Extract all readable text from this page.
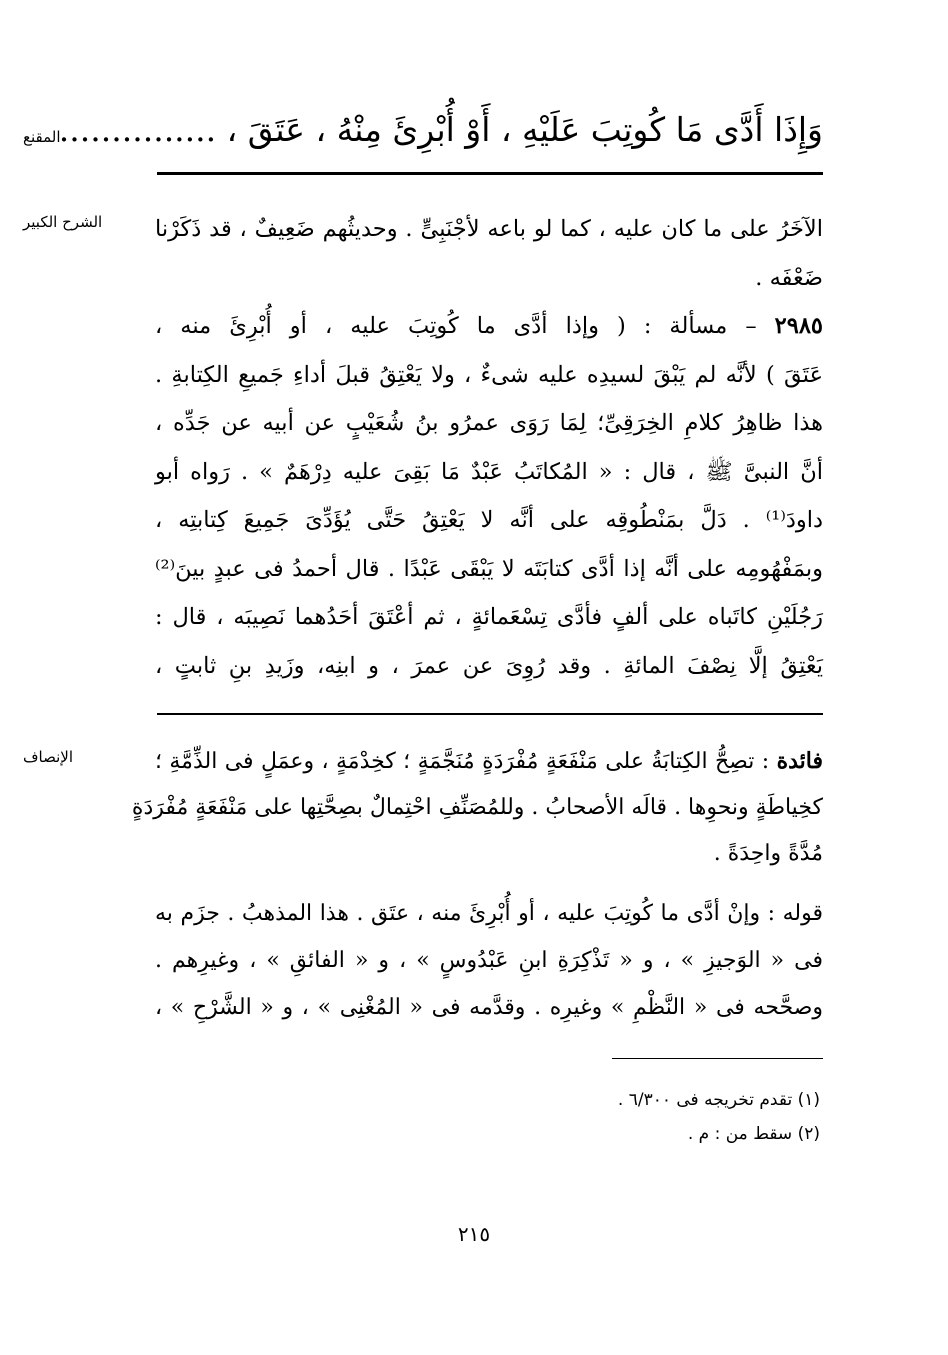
المقنع	وَإِذَا أَدَّى مَا كُوتِبَ عَلَيْهِ ، أَوْ أُبْرِئَ مِنْهُ ، عَتَقَ ، ...............
الشرح الكبير	الآخَرُ على ما كان عليه ، كما لو باعه لأجْنَبِىٍّ . وحديثُهم ضَعِيفٌ ، قد ذَكَرْنا
ضَعْفَه .
٢٩٨٥ – مسألة : ( وإذا أدَّى ما كُوتِبَ عليه ، أو أُبْرِئَ منه ،
عَتَقَ ) لأنَّه لم يَبْقَ لسيدِه عليه شىءٌ ، ولا يَعْتِقُ قبلَ أداءِ جَميعِ الكِتابةِ .
هذا ظاهِرُ كلامِ الخِرَقِىِّ؛ لِمَا رَوَى عمرُو بنُ شُعَيْبٍ عن أبيه عن جَدِّه ،
أنَّ النبىَّ ﷺ ، قال : « المُكاتَبُ عَبْدٌ مَا بَقِىَ عليه دِرْهَمٌ » . رَواه أبو
داودَ⁽¹⁾ . دَلَّ بمَنْطُوقِه على أنَّه لا يَعْتِقُ حَتَّى يُؤَدِّىَ جَمِيعَ كِتابتِه ،
وبمَفْهُومِه على أنَّه إذا أدَّى كتابَتَه لا يَبْقَى عَبْدًا . قال أحمدُ فى عبدٍ بينَ⁽²⁾
رَجُلَيْنِ كاتَباه على ألفٍ فأدَّى تِسْعَمائةٍ ، ثم أعْتَقَ أحَدُهما نَصِيبَه ، قال :
يَعْتِقُ إلَّا نِصْفَ المائةِ . وقد رُوِىَ عن عمرَ ، و ابنِه، وزَيدِ بنِ ثابتٍ ،
الإنصاف	فائدة : تصِحُّ الكِتابَةُ على مَنْفَعَةٍ مُفْرَدَةٍ مُنَجَّمَةٍ ؛ كخِدْمَةٍ ، وعمَلٍ فى الذِّمَّةِ ؛
كخِياطَةٍ ونحوِها . قالَه الأصحابُ . وللمُصَنِّفِ احْتِمالٌ بصِحَّتِها على مَنْفَعَةٍ مُفْرَدَةٍ
مُدَّةً واحِدَةً .
قوله : وإنْ أدَّى ما كُوتِبَ عليه ، أو أُبْرِئَ منه ، عتَق . هذا المذهبُ . جزَم به
فى « الوَجيزِ » ، و « تَذْكِرَةِ ابنِ عَبْدُوسٍ » ، و « الفائقِ » ، وغيرِهم .
وصحَّحه فى « النَّظْمِ » وغيرِه . وقدَّمه فى « المُغْنِى » ، و « الشَّرْحِ » ،
(١) تقدم تخريجه فى ٦/٣٠٠ .
(٢) سقط من : م .
٢١٥
